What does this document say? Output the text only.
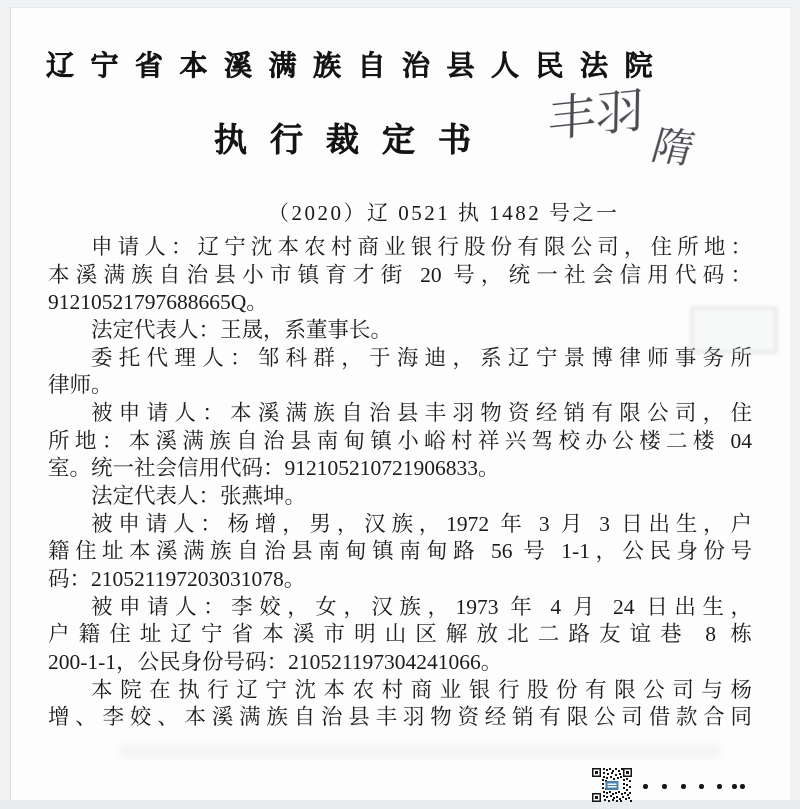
辽宁省本溪满族自治县人民法院
丰羽
隋
执行裁定书
（2020）辽 0521 执 1482 号之一
申请人：辽宁沈本农村商业银行股份有限公司，住所地：
本溪满族自治县小市镇育才街 20 号，统一社会信用代码：
91210521797688665Q。
法定代表人：王晟，系董事长。
委托代理人：邹科群，于海迪，系辽宁景博律师事务所
律师。
被申请人：本溪满族自治县丰羽物资经销有限公司，住
所地：本溪满族自治县南甸镇小峪村祥兴驾校办公楼二楼 04
室。统一社会信用代码：912105210721906833。
法定代表人：张燕坤。
被申请人：杨增，男，汉族，1972 年 3 月 3 日出生，户
籍住址本溪满族自治县南甸镇南甸路 56 号 1-1，公民身份号
码：210521197203031078。
被申请人：李姣，女，汉族，1973 年 4 月 24 日出生，
户籍住址辽宁省本溪市明山区解放北二路友谊巷 8 栋
200-1-1，公民身份号码：210521197304241066。
本院在执行辽宁沈本农村商业银行股份有限公司与杨
增、李姣、本溪满族自治县丰羽物资经销有限公司借款合同
